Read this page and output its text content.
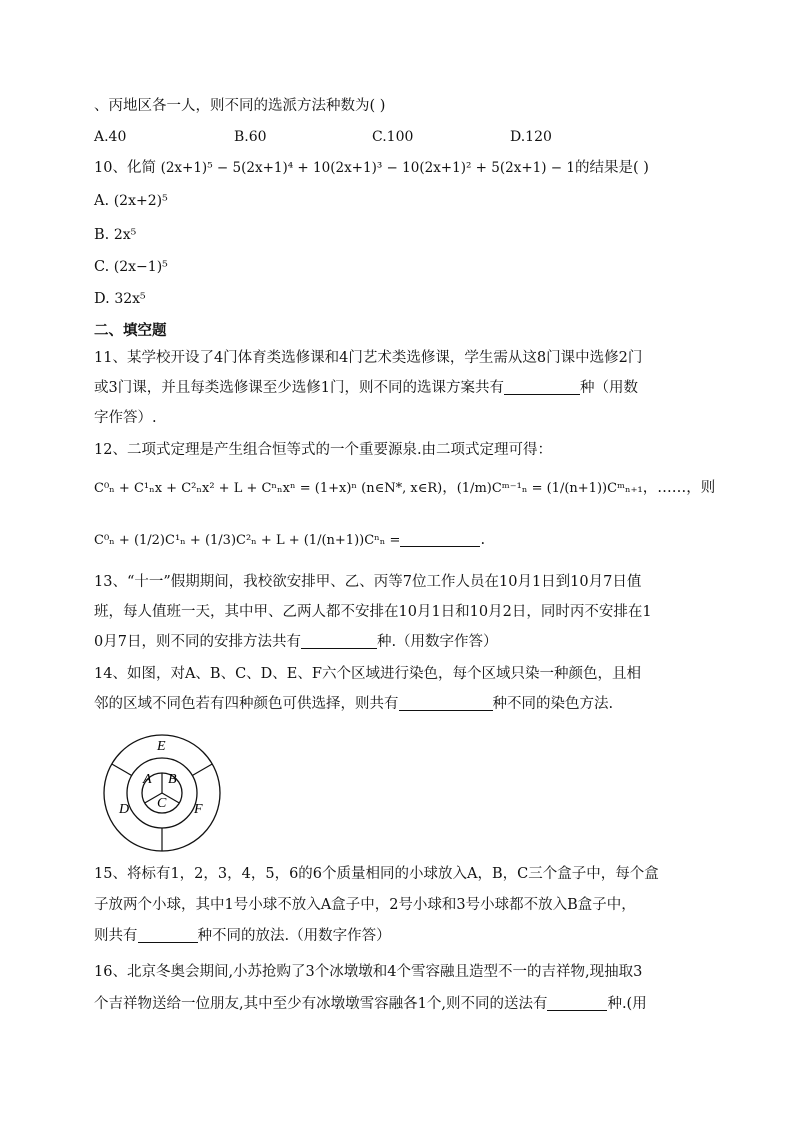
、丙地区各一人，则不同的选派方法种数为( )
A.40	B.60	C.100	D.120
10、化简 (2x+1)⁵ − 5(2x+1)⁴ + 10(2x+1)³ − 10(2x+1)² + 5(2x+1) − 1的结果是( )
A. (2x+2)⁵
B. 2x⁵
C. (2x−1)⁵
D. 32x⁵
二、填空题
11、某学校开设了4门体育类选修课和4门艺术类选修课，学生需从这8门课中选修2门
或3门课，并且每类选修课至少选修1门，则不同的选课方案共有	种（用数
字作答）.
12、二项式定理是产生组合恒等式的一个重要源泉.由二项式定理可得：
C⁰ₙ + C¹ₙx + C²ₙx² + L + Cⁿₙxⁿ = (1+x)ⁿ (n∈N*, x∈R)，(1/m)Cᵐ⁻¹ₙ = (1/(n+1))Cᵐₙ₊₁，……，则
C⁰ₙ + (1/2)C¹ₙ + (1/3)C²ₙ + L + (1/(n+1))Cⁿₙ =	.
13、“十一”假期期间，我校欲安排甲、乙、丙等7位工作人员在10月1日到10月7日值
班，每人值班一天，其中甲、乙两人都不安排在10月1日和10月2日，同时丙不安排在1
0月7日，则不同的安排方法共有	种.（用数字作答）
14、如图，对A、B、C、D、E、F六个区域进行染色，每个区域只染一种颜色，且相
邻的区域不同色若有四种颜色可供选择，则共有	种不同的染色方法.
A B
C
D
E
F
15、将标有1，2，3，4，5，6的6个质量相同的小球放入A，B，C三个盒子中，每个盒
子放两个小球，其中1号小球不放入A盒子中，2号小球和3号小球都不放入B盒子中，
则共有	种不同的放法.（用数字作答）
16、北京冬奥会期间,小苏抢购了3个冰墩墩和4个雪容融且造型不一的吉祥物,现抽取3
个吉祥物送给一位朋友,其中至少有冰墩墩雪容融各1个,则不同的送法有	种.(用
